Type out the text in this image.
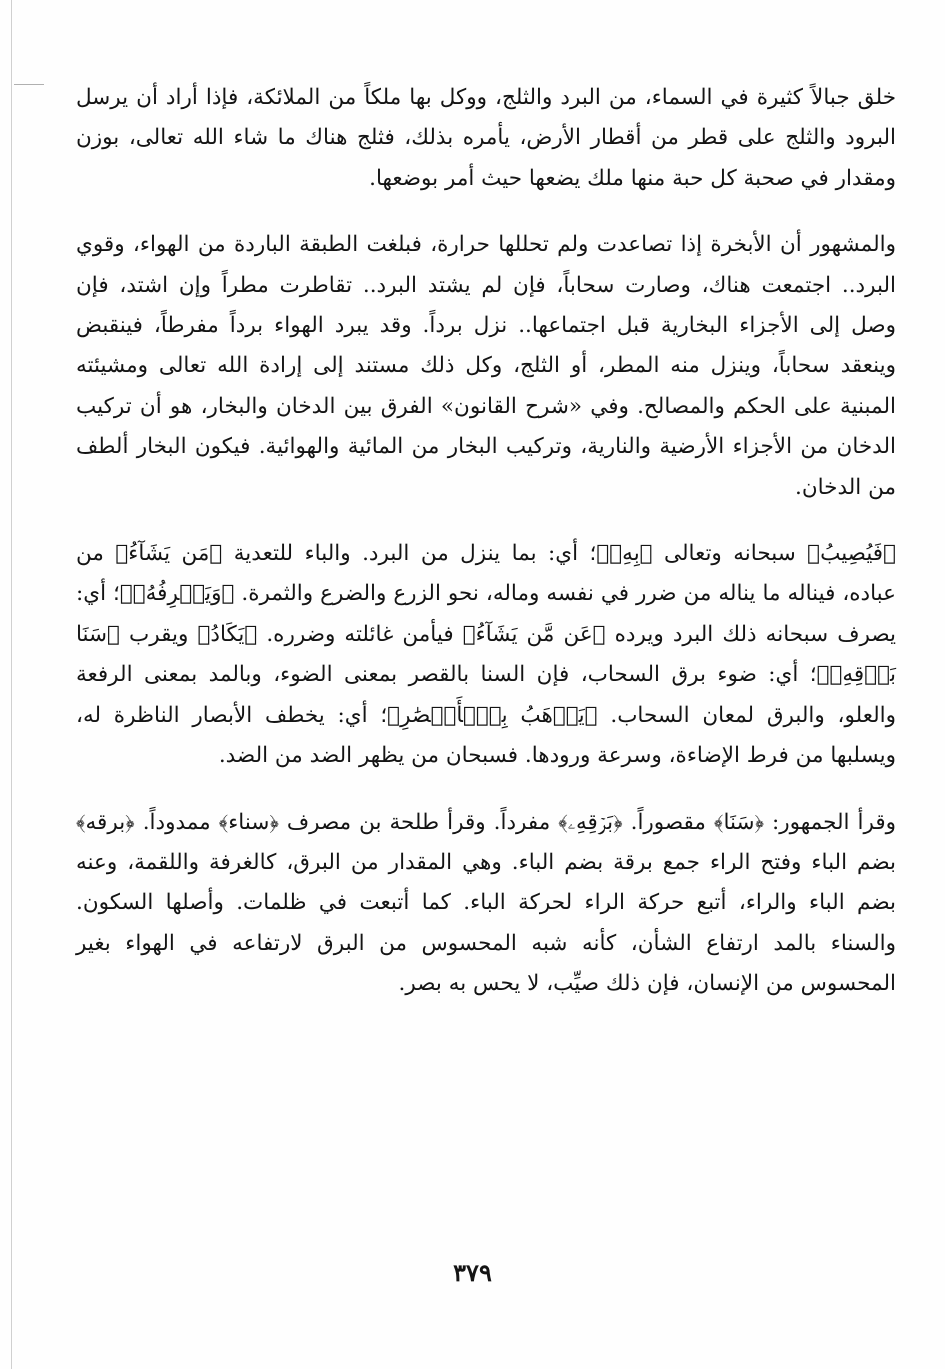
خلق جبالاً كثيرة في السماء، من البرد والثلج، ووكل بها ملكاً من الملائكة، فإذا أراد أن يرسل البرود والثلج على قطر من أقطار الأرض، يأمره بذلك، فثلج هناك ما شاء الله تعالى، بوزن ومقدار في صحبة كل حبة منها ملك يضعها حيث أمر بوضعها.

والمشهور أن الأبخرة إذا تصاعدت ولم تحللها حرارة، فبلغت الطبقة الباردة من الهواء، وقوي البرد.. اجتمعت هناك، وصارت سحاباً، فإن لم يشتد البرد.. تقاطرت مطراً وإن اشتد، فإن وصل إلى الأجزاء البخارية قبل اجتماعها.. نزل برداً. وقد يبرد الهواء برداً مفرطاً، فينقبض وينعقد سحاباً، وينزل منه المطر، أو الثلج، وكل ذلك مستند إلى إرادة الله تعالى ومشيئته المبنية على الحكم والمصالح. وفي «شرح القانون» الفرق بين الدخان والبخار، هو أن تركيب الدخان من الأجزاء الأرضية والنارية، وتركيب البخار من المائية والهوائية. فيكون البخار ألطف من الدخان.

﴿فَيُصِيبُ﴾ سبحانه وتعالى ﴿بِهِۦ﴾؛ أي: بما ينزل من البرد. والباء للتعدية ﴿مَن يَشَآءُ﴾ من عباده، فيناله ما يناله من ضرر في نفسه وماله، نحو الزرع والضرع والثمرة. ﴿وَيَصۡرِفُهُۥ﴾؛ أي: يصرف سبحانه ذلك البرد ويرده ﴿عَن مَّن يَشَآءُ﴾ فيأمن غائلته وضرره. ﴿يَكَادُ﴾ ويقرب ﴿سَنَا بَرۡقِهِۦ﴾؛ أي: ضوء برق السحاب، فإن السنا بالقصر بمعنى الضوء، وبالمد بمعنى الرفعة والعلو، والبرق لمعان السحاب. ﴿يَذۡهَبُ بِٱلۡأَبۡصَٰرِ﴾؛ أي: يخطف الأبصار الناظرة له، ويسلبها من فرط الإضاءة، وسرعة ورودها. فسبحان من يظهر الضد من الضد.

وقرأ الجمهور: ﴿سَنَا﴾ مقصوراً. ﴿بَرۡقِهِۦ﴾ مفرداً. وقرأ طلحة بن مصرف ﴿سناء﴾ ممدوداً. ﴿برقه﴾ بضم الباء وفتح الراء جمع برقة بضم الباء. وهي المقدار من البرق، كالغرفة واللقمة، وعنه بضم الباء والراء، أتبع حركة الراء لحركة الباء. كما أتبعت في ظلمات. وأصلها السكون. والسناء بالمد ارتفاع الشأن، كأنه شبه المحسوس من البرق لارتفاعه في الهواء بغير المحسوس من الإنسان، فإن ذلك صيِّب، لا يحس به بصر.

٣٧٩
